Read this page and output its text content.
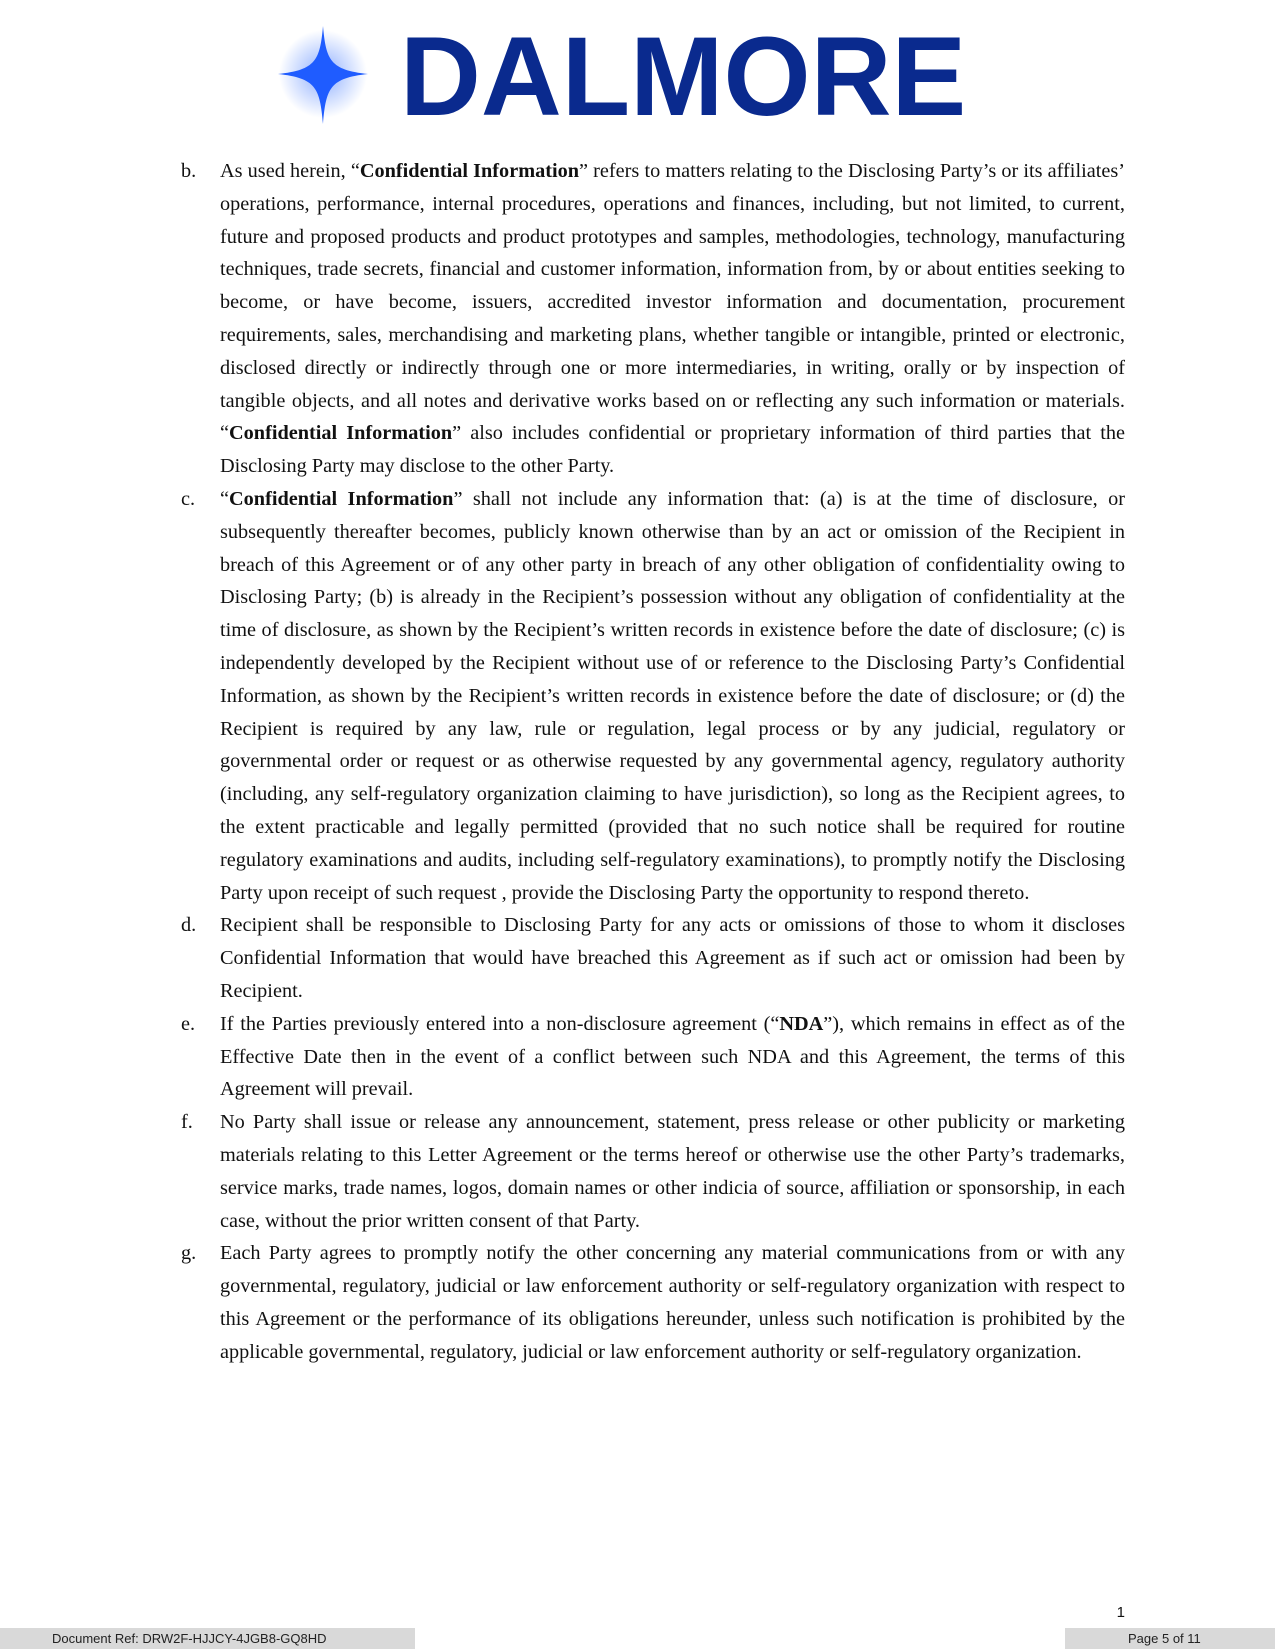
DALMORE
b. As used herein, “Confidential Information” refers to matters relating to the Disclosing Party’s or its affiliates’ operations, performance, internal procedures, operations and finances, including, but not limited, to current, future and proposed products and product prototypes and samples, methodologies, technology, manufacturing techniques, trade secrets, financial and customer information, information from, by or about entities seeking to become, or have become, issuers, accredited investor information and documentation, procurement requirements, sales, merchandising and marketing plans, whether tangible or intangible, printed or electronic, disclosed directly or indirectly through one or more intermediaries, in writing, orally or by inspection of tangible objects, and all notes and derivative works based on or reflecting any such information or materials. “Confidential Information” also includes confidential or proprietary information of third parties that the Disclosing Party may disclose to the other Party.
c. “Confidential Information” shall not include any information that: (a) is at the time of disclosure, or subsequently thereafter becomes, publicly known otherwise than by an act or omission of the Recipient in breach of this Agreement or of any other party in breach of any other obligation of confidentiality owing to Disclosing Party; (b) is already in the Recipient’s possession without any obligation of confidentiality at the time of disclosure, as shown by the Recipient’s written records in existence before the date of disclosure; (c) is independently developed by the Recipient without use of or reference to the Disclosing Party’s Confidential Information, as shown by the Recipient’s written records in existence before the date of disclosure; or (d) the Recipient is required by any law, rule or regulation, legal process or by any judicial, regulatory or governmental order or request or as otherwise requested by any governmental agency, regulatory authority (including, any self-regulatory organization claiming to have jurisdiction), so long as the Recipient agrees, to the extent practicable and legally permitted (provided that no such notice shall be required for routine regulatory examinations and audits, including self-regulatory examinations), to promptly notify the Disclosing Party upon receipt of such request , provide the Disclosing Party the opportunity to respond thereto.
d. Recipient shall be responsible to Disclosing Party for any acts or omissions of those to whom it discloses Confidential Information that would have breached this Agreement as if such act or omission had been by Recipient.
e. If the Parties previously entered into a non-disclosure agreement (“NDA”), which remains in effect as of the Effective Date then in the event of a conflict between such NDA and this Agreement, the terms of this Agreement will prevail.
f. No Party shall issue or release any announcement, statement, press release or other publicity or marketing materials relating to this Letter Agreement or the terms hereof or otherwise use the other Party’s trademarks, service marks, trade names, logos, domain names or other indicia of source, affiliation or sponsorship, in each case, without the prior written consent of that Party.
g. Each Party agrees to promptly notify the other concerning any material communications from or with any governmental, regulatory, judicial or law enforcement authority or self-regulatory organization with respect to this Agreement or the performance of its obligations hereunder, unless such notification is prohibited by the applicable governmental, regulatory, judicial or law enforcement authority or self-regulatory organization.
1
Document Ref: DRW2F-HJJCY-4JGB8-GQ8HD	Page 5 of 11
